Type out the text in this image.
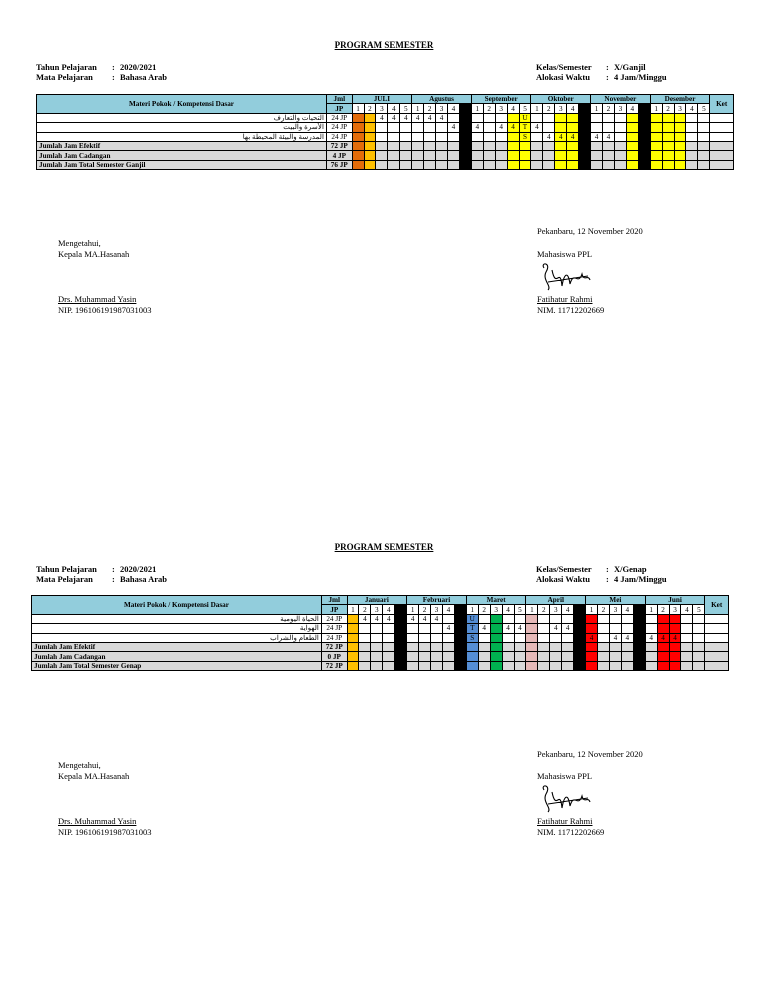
PROGRAM SEMESTER
Tahun Pelajaran : 2020/2021
Mata Pelajaran : Bahasa Arab
Kelas/Semester : X/Ganjil
Alokasi Waktu : 4 Jam/Minggu
Materi Pokok / Kompetensi Dasar	Jml	JULI					Agustus					September					Oktober					November					Desember					Ket
	JP	1	2	3	4	5	1	2	3	4		1	2	3	4	5	1	2	3	4		1	2	3	4		1	2	3	4	5	
التحيات والتعارف	24 JP			4	4	4	4	4	4							U																
الأسرة والبيت	24 JP									4	4	4		4	4	T	4															
المدرسة والبيئة المحيطة بها	24 JP															S		4	4	4	4	4	4									
Jumlah Jam Efektif	72 JP																															
Jumlah Jam Cadangan	4 JP																															
Jumlah Jam Total Semester Ganjil	76 JP																															
Pekanbaru, 12 November 2020
Mengetahui,
Kepala MA.Hasanah	Mahasiswa PPL
Drs. Muhammad Yasin
NIP. 196106191987031003
Fatihatur Rahmi
NIM. 11712202669
PROGRAM SEMESTER
Tahun Pelajaran : 2020/2021
Mata Pelajaran : Bahasa Arab
Kelas/Semester : X/Genap
Alokasi Waktu : 4 Jam/Minggu
Materi Pokok / Kompetensi Dasar	Jml	Januari					Februari					Maret					April					Mei					Juni					Ket
	JP	1	2	3	4		1	2	3	4		1	2	3	4	5	1	2	3	4		1	2	3	4		1	2	3	4	5	
الحياة اليومية	24 JP		4	4	4		4	4	4			U																				
الهواية	24 JP									4		T	4		4	4			4	4												
الطعام والشراب	24 JP											S										4		4	4		4	4	4			
Jumlah Jam Efektif	72 JP																															
Jumlah Jam Cadangan	0 JP																															
Jumlah Jam Total Semester Genap	72 JP																															
Pekanbaru, 12 November 2020
Mengetahui,
Kepala MA.Hasanah	Mahasiswa PPL
Drs. Muhammad Yasin
NIP. 196106191987031003
Fatihatur Rahmi
NIM. 11712202669
